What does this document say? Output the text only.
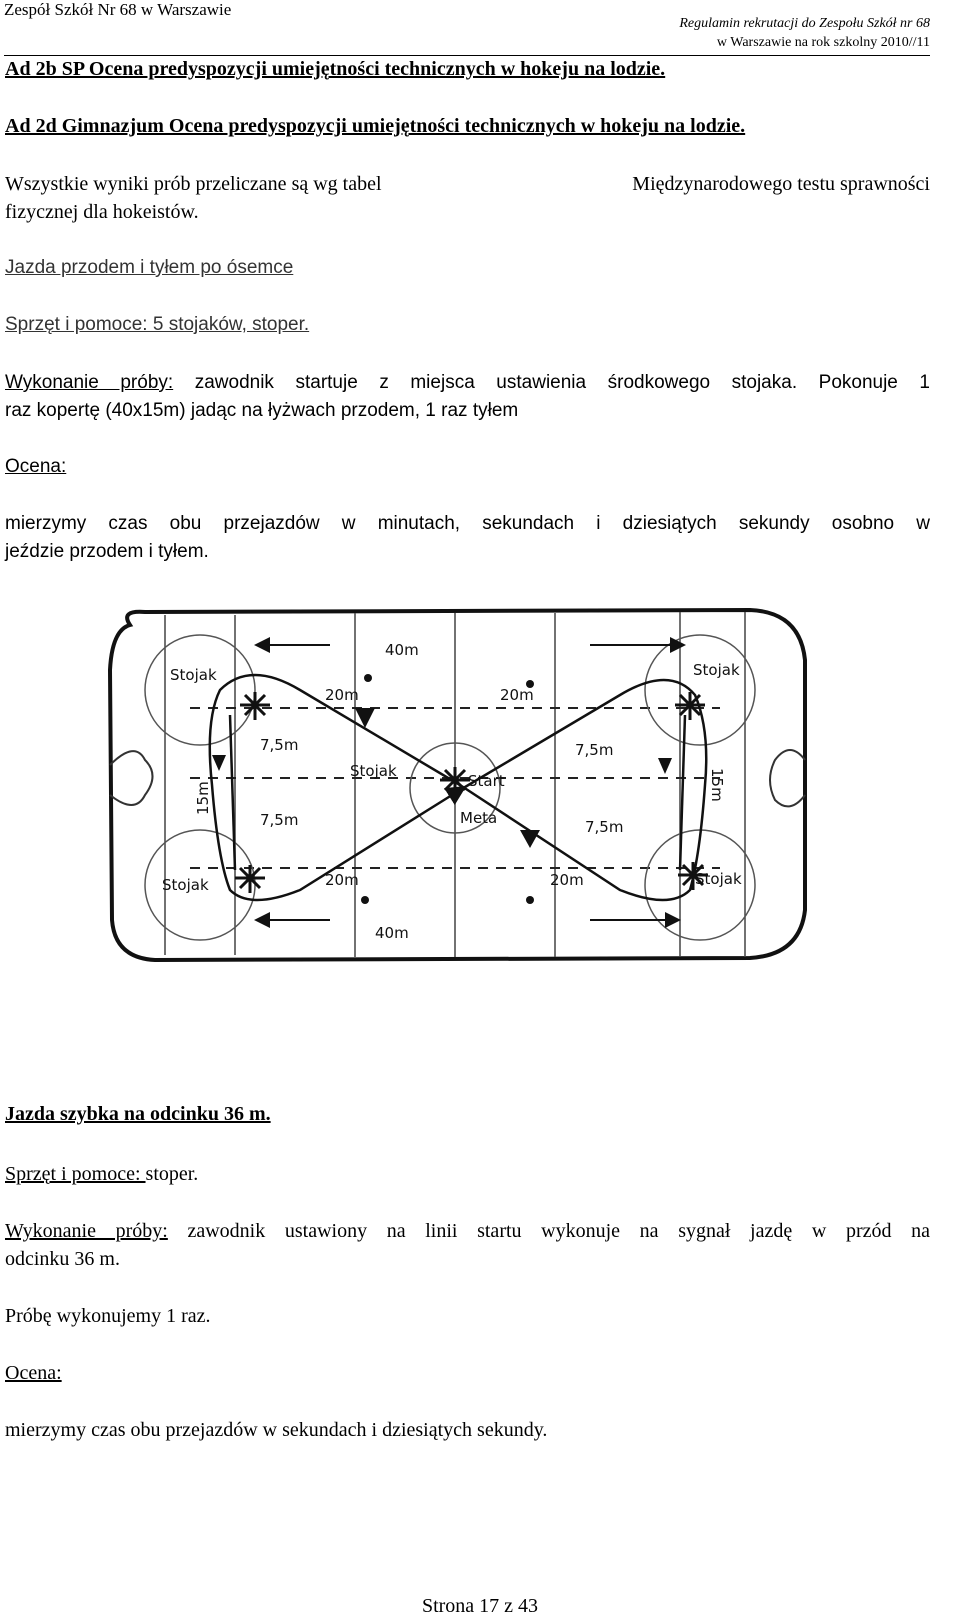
Zespół Szkół Nr 68 w Warszawie
Regulamin rekrutacji do Zespołu Szkół nr 68
w Warszawie na rok szkolny 2010//11
Ad 2b SP Ocena predyspozycji umiejętności technicznych w hokeju na lodzie.
Ad 2d Gimnazjum Ocena predyspozycji umiejętności technicznych w hokeju na lodzie.
Wszystkie wyniki prób przeliczane są wg tabel	Międzynarodowego testu sprawności
fizycznej dla hokeistów.
Jazda przodem i tyłem po ósemce
Sprzęt i pomoce: 5 stojaków, stoper.
Wykonanie próby: zawodnik startuje z miejsca ustawienia środkowego stojaka. Pokonuje 1
raz kopertę (40x15m) jadąc na łyżwach przodem, 1 raz tyłem
Ocena:
mierzymy czas obu przejazdów w minutach, sekundach i dziesiątych sekundy osobno w
jeździe przodem i tyłem.
40m
40m
20m	20m
20m	20m
7,5m
7,5m
7,5m
7,5m
15m	15m
Stojak	Stojak
Stojak	Stojak
Stojak
Start
Meta
Jazda szybka na odcinku 36 m.
Sprzęt i pomoce: stoper.
Wykonanie próby: zawodnik ustawiony na linii startu wykonuje na sygnał jazdę w przód na
odcinku 36 m.
Próbę wykonujemy 1 raz.
Ocena:
mierzymy czas obu przejazdów w sekundach i dziesiątych sekundy.
Strona 17 z 43
